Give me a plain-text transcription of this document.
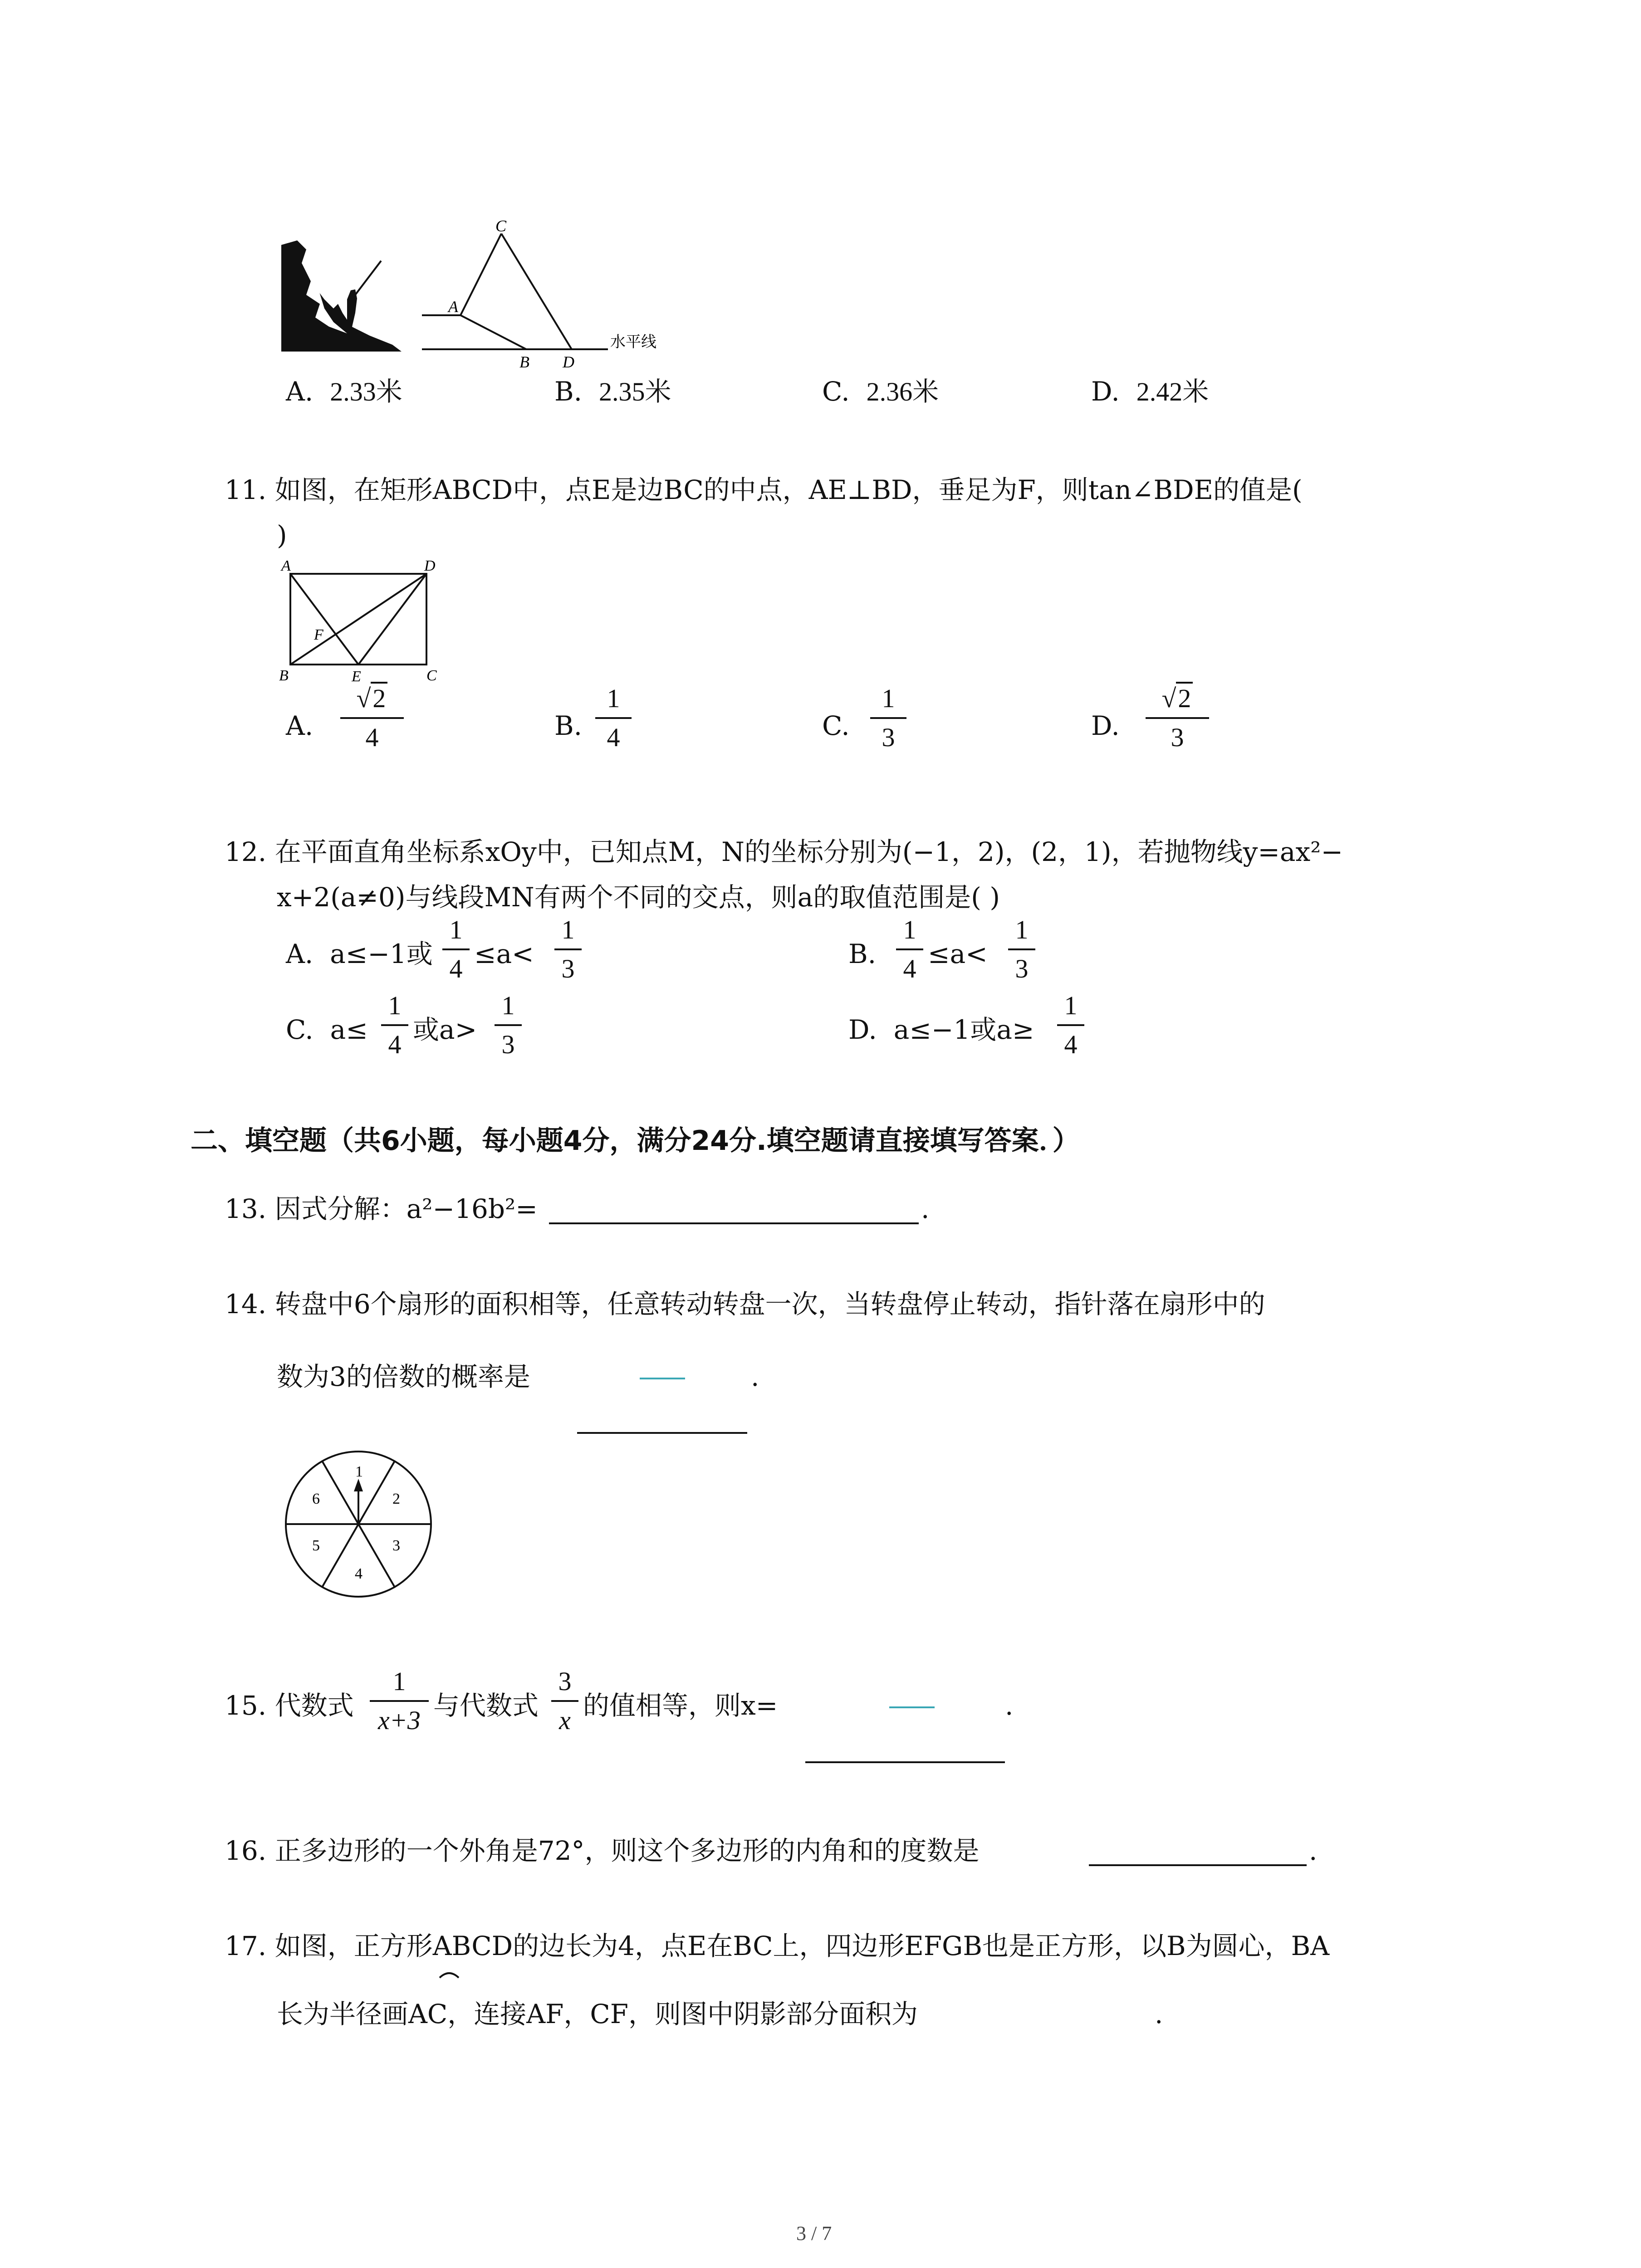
C
A
B D
水平线
A. 2.33米	B. 2.35米	C. 2.36米	D. 2.42米
11. 如图，在矩形ABCD中，点E是边BC的中点，AE⊥BD，垂足为F，则tan∠BDE的值是(
)
A	D
B	E	C
F
A.
√2
4	B.
1
4	C.
1
3	D.
√2
3
12. 在平面直角坐标系xOy中，已知点M，N的坐标分别为(−1，2)，(2，1)，若抛物线y=ax²−
x+2(a≠0)与线段MN有两个不同的交点，则a的取值范围是( )
A. a≤−1或
1
4 ≤a<
1
3	B.
1
4 ≤a<
1
3
C. a≤
1
4 或a>
1
3	D. a≤−1或a≥
1
4
二、填空题（共6小题，每小题4分，满分24分.填空题请直接填写答案．）
13. 因式分解：a²−16b²=	.
14. 转盘中6个扇形的面积相等，任意转动转盘一次，当转盘停止转动，指针落在扇形中的
数为3的倍数的概率是	.
1
2
3
4
5
6
15. 代数式
1
x+3 与代数式
3
x 的值相等，则x=	.
16. 正多边形的一个外角是72°，则这个多边形的内角和的度数是	.
17. 如图，正方形ABCD的边长为4，点E在BC上，四边形EFGB也是正方形，以B为圆心，BA
长为半径画AC，连接AF，CF，则图中阴影部分面积为	.
3 / 7
